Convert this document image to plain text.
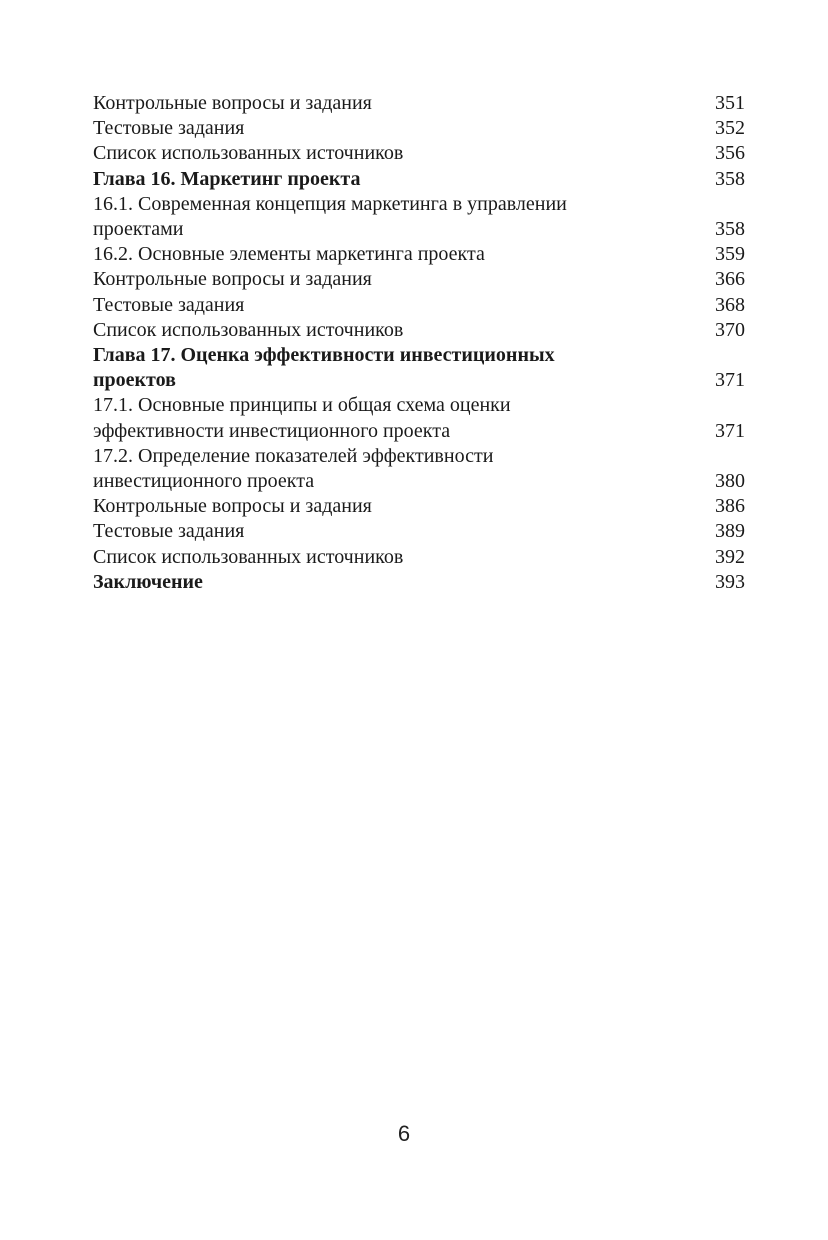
Контрольные вопросы и задания	351
Тестовые задания	352
Список использованных источников	356
Глава 16. Маркетинг проекта	358
16.1. Современная концепция маркетинга в управлении
проектами	358
16.2. Основные элементы маркетинга проекта	359
Контрольные вопросы и задания	366
Тестовые задания	368
Список использованных источников	370
Глава 17. Оценка эффективности инвестиционных
проектов	371
17.1. Основные принципы и общая схема оценки
эффективности инвестиционного проекта	371
17.2. Определение показателей эффективности
инвестиционного проекта	380
Контрольные вопросы и задания	386
Тестовые задания	389
Список использованных источников	392
Заключение	393
6
